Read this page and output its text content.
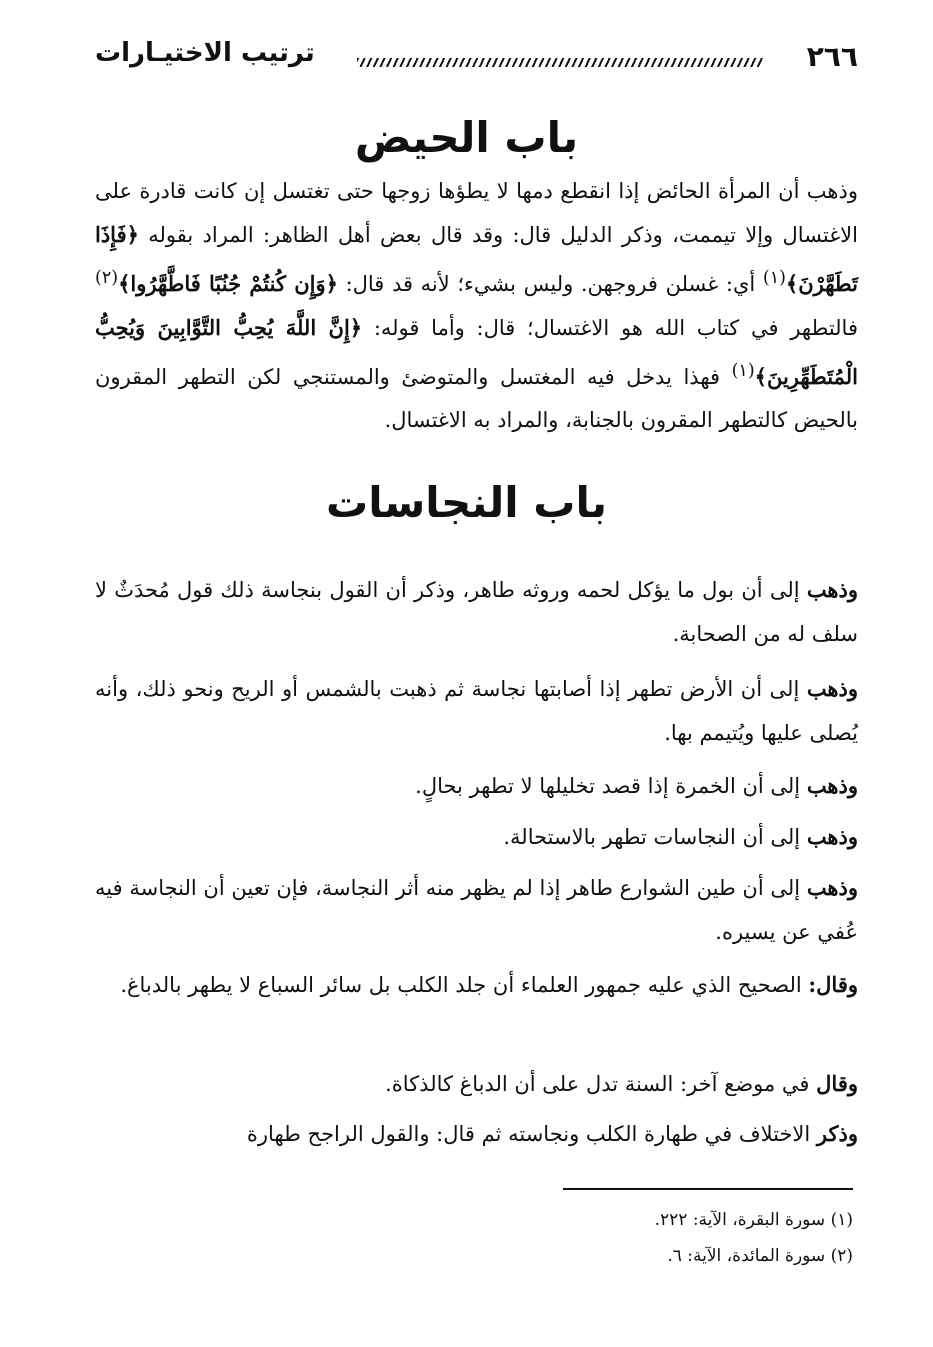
٢٦٦
ترتيب الاختيـارات
باب الحيض

وذهب أن المرأة الحائض إذا انقطع دمها لا يطؤها زوجها حتى تغتسل إن كانت قادرة على الاغتسال وإلا تيممت، وذكر الدليل قال: وقد قال بعض أهل الظاهر: المراد بقوله ﴿فَإِذَا تَطَهَّرْنَ﴾$^{(١)}$ أي: غسلن فروجهن. وليس بشيء؛ لأنه قد قال: ﴿وَإِن كُنتُمْ جُنُبًا فَاطَّهَّرُوا﴾$^{(٢)}$ فالتطهر في كتاب الله هو الاغتسال؛ قال: وأما قوله: ﴿إِنَّ اللَّهَ يُحِبُّ التَّوَّابِينَ وَيُحِبُّ الْمُتَطَهِّرِينَ﴾$^{(١)}$ فهذا يدخل فيه المغتسل والمتوضئ والمستنجي لكن التطهر المقرون بالحيض كالتطهر المقرون بالجنابة، والمراد به الاغتسال.

باب النجاسات

وذهب إلى أن بول ما يؤكل لحمه وروثه طاهر، وذكر أن القول بنجاسة ذلك قول مُحدَثٌ لا سلف له من الصحابة.

وذهب إلى أن الأرض تطهر إذا أصابتها نجاسة ثم ذهبت بالشمس أو الريح ونحو ذلك، وأنه يُصلى عليها ويُتيمم بها.

وذهب إلى أن الخمرة إذا قصد تخليلها لا تطهر بحالٍ.

وذهب إلى أن النجاسات تطهر بالاستحالة.

وذهب إلى أن طين الشوارع طاهر إذا لم يظهر منه أثر النجاسة، فإن تعين أن النجاسة فيه عُفي عن يسيره.

وقال: الصحيح الذي عليه جمهور العلماء أن جلد الكلب بل سائر السباع لا يطهر بالدباغ.

وقال في موضع آخر: السنة تدل على أن الدباغ كالذكاة.

وذكر الاختلاف في طهارة الكلب ونجاسته ثم قال: والقول الراجح طهارة

(١) سورة البقرة، الآية: ٢٢٢.
(٢) سورة المائدة، الآية: ٦.
